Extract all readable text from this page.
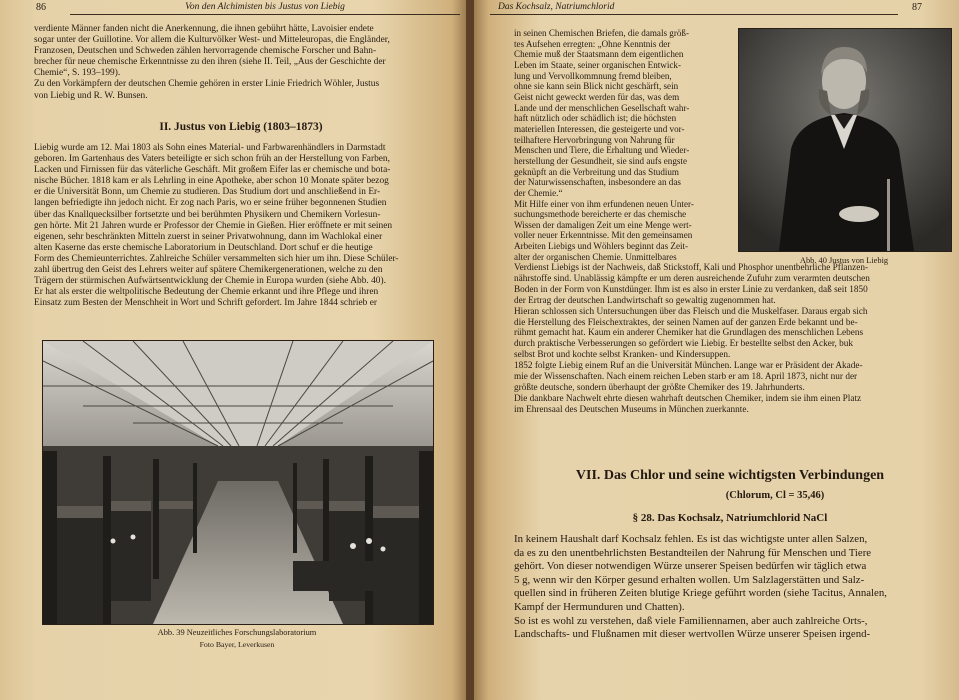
86	Von den Alchimisten bis Justus von Liebig

verdiente Männer fanden nicht die Anerkennung, die ihnen gebührt hätte, Lavoisier endete

sogar unter der Guillotine. Vor allem die Kulturvölker West- und Mitteleuropas, die Engländer,

Franzosen, Deutschen und Schweden zählen hervorragende chemische Forscher und Bahn-

brecher für neue chemische Erkenntnisse zu den ihren (siehe II. Teil, „Aus der Geschichte der

Chemie“, S. 193–199).

Zu den Vorkämpfern der deutschen Chemie gehören in erster Linie Friedrich Wöhler, Justus

von Liebig und R. W. Bunsen.

II. Justus von Liebig (1803–1873)

Liebig wurde am 12. Mai 1803 als Sohn eines Material- und Farbwarenhändlers in Darmstadt

geboren. Im Gartenhaus des Vaters beteiligte er sich schon früh an der Herstellung von Farben,

Lacken und Firnissen für das väterliche Geschäft. Mit großem Eifer las er chemische und bota-

nische Bücher. 1818 kam er als Lehrling in eine Apotheke, aber schon 10 Monate später bezog

er die Universität Bonn, um Chemie zu studieren. Das Studium dort und anschließend in Er-

langen befriedigte ihn jedoch nicht. Er zog nach Paris, wo er seine früher begonnenen Studien

über das Knallquecksilber fortsetzte und bei berühmten Physikern und Chemikern Vorlesun-

gen hörte. Mit 21 Jahren wurde er Professor der Chemie in Gießen. Hier eröffnete er mit seinen

eigenen, sehr beschränkten Mitteln zuerst in seiner Privatwohnung, dann im Wachlokal einer

alten Kaserne das erste chemische Laboratorium in Deutschland. Dort schuf er die heutige

Form des Chemieunterrichtes. Zahlreiche Schüler versammelten sich hier um ihn. Diese Schüler-

zahl übertrug den Geist des Lehrers weiter auf spätere Chemikergenerationen, welche zu den

Trägern der stürmischen Aufwärtsentwicklung der Chemie in Europa wurden (siehe Abb. 40).

Er hat als erster die weltpolitische Bedeutung der Chemie erkannt und ihre Pflege und ihren

Einsatz zum Besten der Menschheit in Wort und Schrift gefordert. Im Jahre 1844 schrieb er

Abb. 39 Neuzeitliches Forschungslaboratorium
Foto Bayer, Leverkusen
Das Kochsalz, Natriumchlorid	87

in seinen Chemischen Briefen, die damals größ-

tes Aufsehen erregten: „Ohne Kenntnis der

Chemie muß der Staatsmann dem eigentlichen

Leben im Staate, seiner organischen Entwick-

lung und Vervollkommnung fremd bleiben,

ohne sie kann sein Blick nicht geschärft, sein

Geist nicht geweckt werden für das, was dem

Lande und der menschlichen Gesellschaft wahr-

haft nützlich oder schädlich ist; die höchsten

materiellen Interessen, die gesteigerte und vor-

teilhaftere Hervorbringung von Nahrung für

Menschen und Tiere, die Erhaltung und Wieder-

herstellung der Gesundheit, sie sind aufs engste

geknüpft an die Verbreitung und das Studium

der Naturwissenschaften, insbesondere an das

der Chemie.“

Mit Hilfe einer von ihm erfundenen neuen Unter-

suchungsmethode bereicherte er das chemische

Wissen der damaligen Zeit um eine Menge wert-

voller neuer Erkenntnisse. Mit den gemeinsamen

Arbeiten Liebigs und Wöhlers beginnt das Zeit-

alter der organischen Chemie. Unmittelbares	Abb. 40 Justus von Liebig

Verdienst Liebigs ist der Nachweis, daß Stickstoff, Kali und Phosphor unentbehrliche Pflanzen-

nährstoffe sind. Unablässig kämpfte er um deren ausreichende Zufuhr zum verarmten deutschen

Boden in der Form von Kunstdünger. Ihm ist es also in erster Linie zu verdanken, daß seit 1850

der Ertrag der deutschen Landwirtschaft so gewaltig zugenommen hat.

Hieran schlossen sich Untersuchungen über das Fleisch und die Muskelfaser. Daraus ergab sich

die Herstellung des Fleischextraktes, der seinen Namen auf der ganzen Erde bekannt und be-

rühmt gemacht hat. Kaum ein anderer Chemiker hat die Grundlagen des menschlichen Lebens

durch praktische Verbesserungen so gefördert wie Liebig. Er bestellte selbst den Acker, buk

selbst Brot und kochte selbst Kranken- und Kindersuppen.

1852 folgte Liebig einem Ruf an die Universität München. Lange war er Präsident der Akade-

mie der Wissenschaften. Nach einem reichen Leben starb er am 18. April 1873, nicht nur der

größte deutsche, sondern überhaupt der größte Chemiker des 19. Jahrhunderts.

Die dankbare Nachwelt ehrte diesen wahrhaft deutschen Chemiker, indem sie ihm einen Platz

im Ehrensaal des Deutschen Museums in München zuerkannte.

VII. Das Chlor und seine wichtigsten Verbindungen
(Chlorum, Cl = 35,46)
§ 28. Das Kochsalz, Natriumchlorid NaCl

In keinem Haushalt darf Kochsalz fehlen. Es ist das wichtigste unter allen Salzen,

da es zu den unentbehrlichsten Bestandteilen der Nahrung für Menschen und Tiere

gehört. Von dieser notwendigen Würze unserer Speisen bedürfen wir täglich etwa

5 g, wenn wir den Körper gesund erhalten wollen. Um Salzlagerstätten und Salz-

quellen sind in früheren Zeiten blutige Kriege geführt worden (siehe Tacitus, Annalen,

Kampf der Hermunduren und Chatten).

So ist es wohl zu verstehen, daß viele Familiennamen, aber auch zahlreiche Orts-,

Landschafts- und Flußnamen mit dieser wertvollen Würze unserer Speisen irgend-
